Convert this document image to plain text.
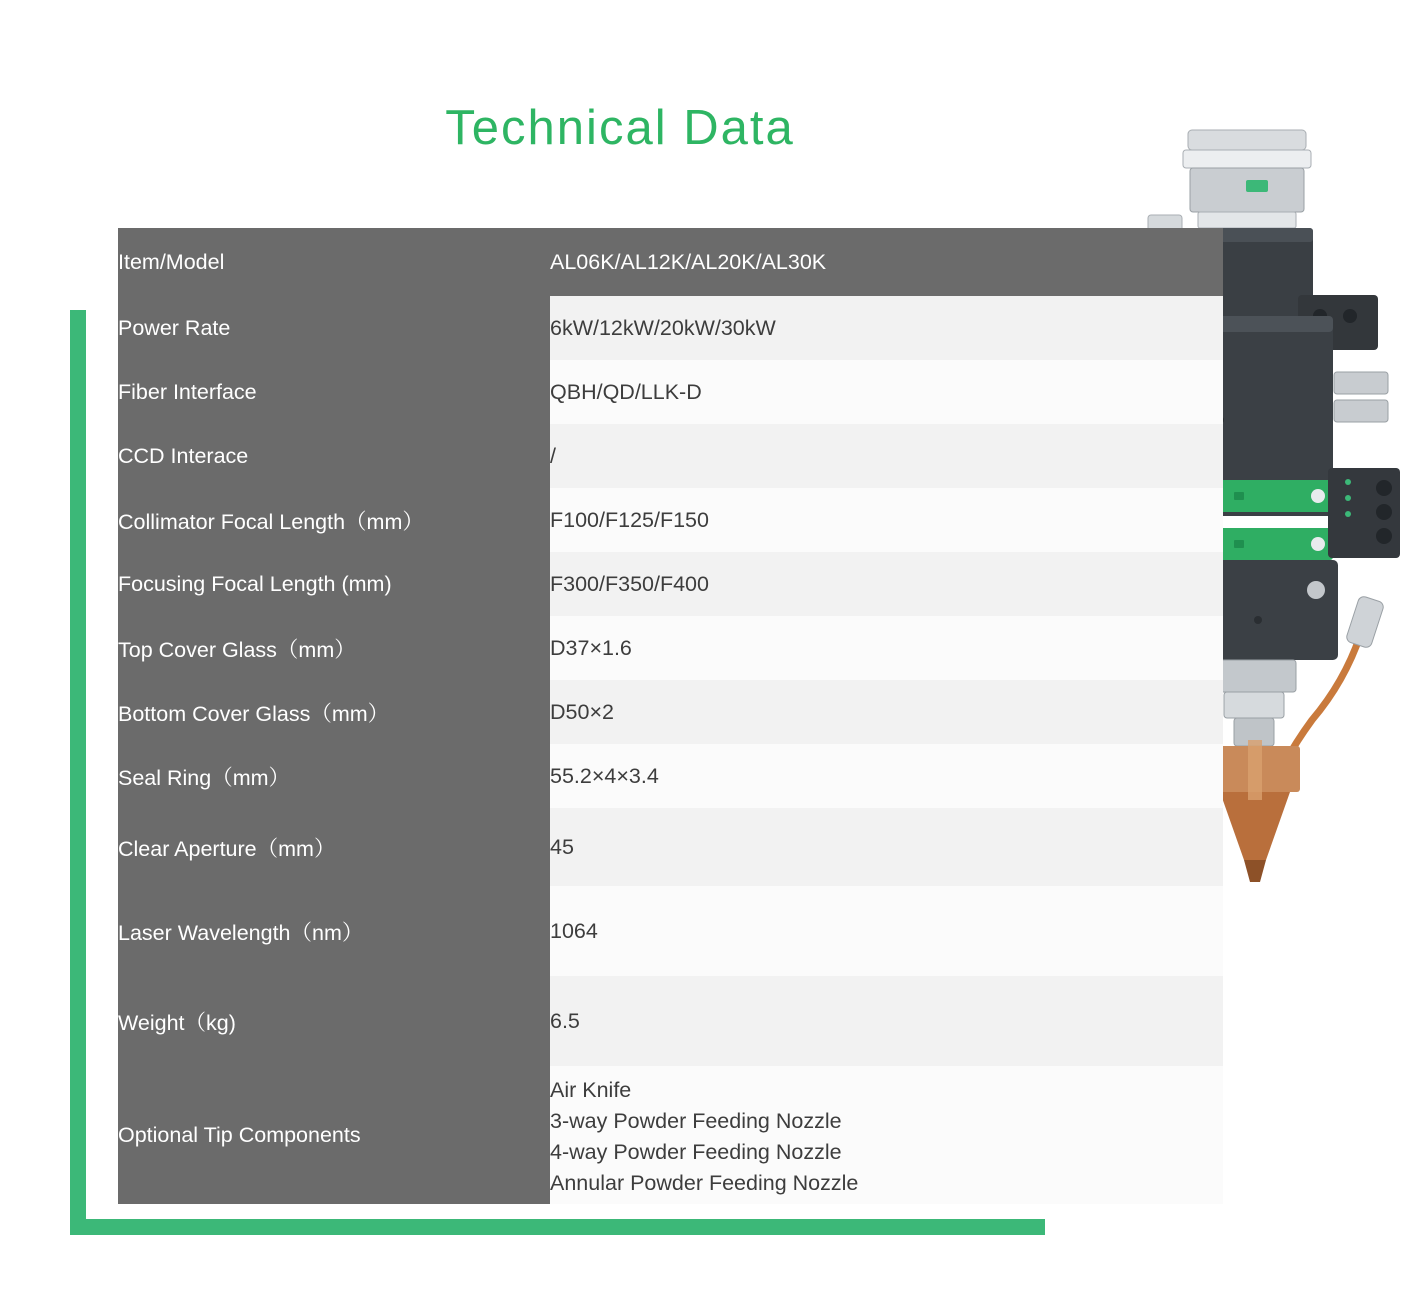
Technical Data
Item/Model	AL06K/AL12K/AL20K/AL30K
Power Rate	6kW/12kW/20kW/30kW
Fiber Interface	QBH/QD/LLK-D
CCD Interace	/
Collimator Focal Length（mm）	F100/F125/F150
Focusing Focal Length (mm)	F300/F350/F400
Top Cover Glass（mm）	D37×1.6
Bottom Cover Glass（mm）	D50×2
Seal Ring（mm）	55.2×4×3.4
Clear Aperture（mm）	45
Laser Wavelength（nm）	1064
Weight（kg)	6.5
Optional Tip Components	Air Knife
3-way Powder Feeding Nozzle
4-way Powder Feeding Nozzle
Annular Powder Feeding Nozzle
